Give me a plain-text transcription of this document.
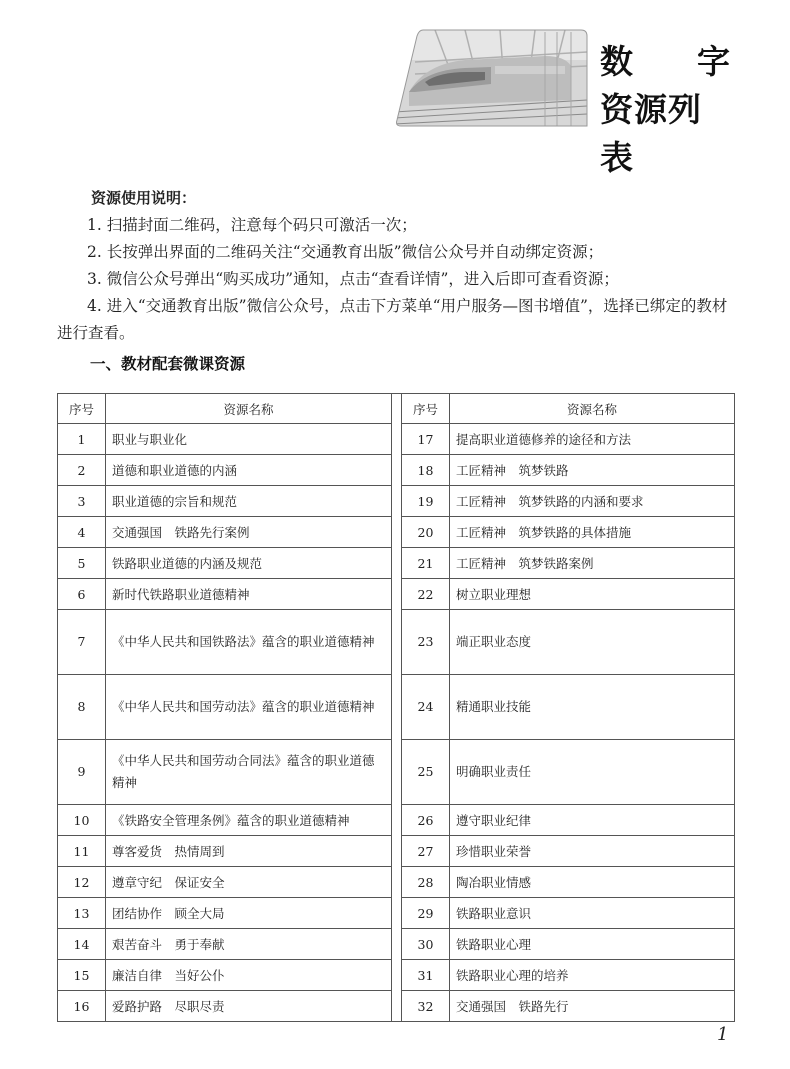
数 字
资源列表
资源使用说明：
1. 扫描封面二维码，注意每个码只可激活一次；
2. 长按弹出界面的二维码关注“交通教育出版”微信公众号并自动绑定资源；
3. 微信公众号弹出“购买成功”通知，点击“查看详情”，进入后即可查看资源；
4. 进入“交通教育出版”微信公众号，点击下方菜单“用户服务—图书增值”，选择已绑定的教材进行查看。
一、教材配套微课资源
序号	资源名称		序号	资源名称
1	职业与职业化		17	提高职业道德修养的途径和方法
2	道德和职业道德的内涵		18	工匠精神　筑梦铁路
3	职业道德的宗旨和规范		19	工匠精神　筑梦铁路的内涵和要求
4	交通强国　铁路先行案例		20	工匠精神　筑梦铁路的具体措施
5	铁路职业道德的内涵及规范		21	工匠精神　筑梦铁路案例
6	新时代铁路职业道德精神		22	树立职业理想
7	《中华人民共和国铁路法》蕴含的职业道德精神		23	端正职业态度
8	《中华人民共和国劳动法》蕴含的职业道德精神		24	精通职业技能
9	《中华人民共和国劳动合同法》蕴含的职业道德精神		25	明确职业责任
10	《铁路安全管理条例》蕴含的职业道德精神		26	遵守职业纪律
11	尊客爱货　热情周到		27	珍惜职业荣誉
12	遵章守纪　保证安全		28	陶冶职业情感
13	团结协作　顾全大局		29	铁路职业意识
14	艰苦奋斗　勇于奉献		30	铁路职业心理
15	廉洁自律　当好公仆		31	铁路职业心理的培养
16	爱路护路　尽职尽责		32	交通强国　铁路先行
1
